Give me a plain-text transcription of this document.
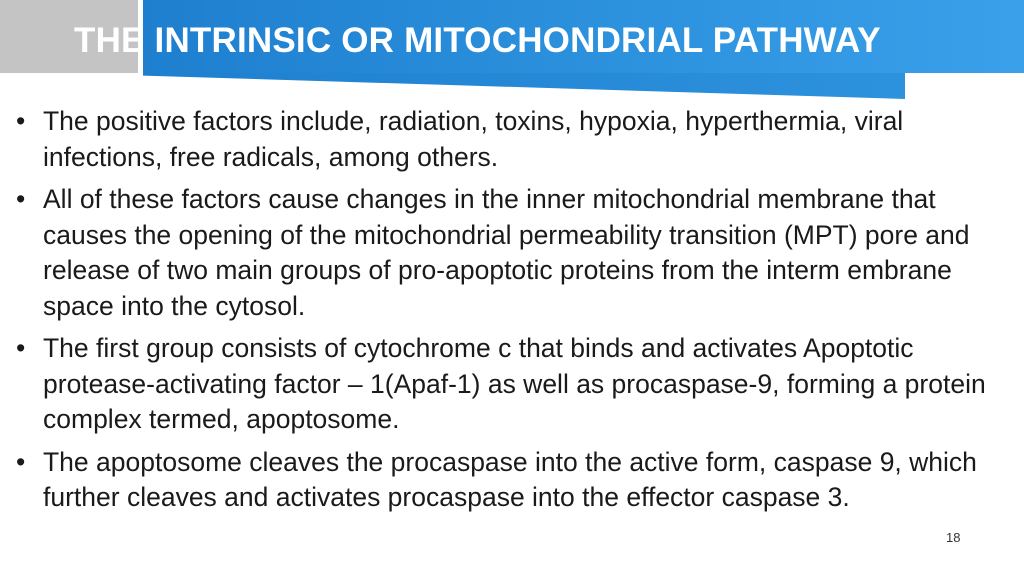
THE INTRINSIC OR MITOCHONDRIAL PATHWAY
• The positive factors include, radiation, toxins, hypoxia, hyperthermia, viral infections, free radicals, among others.
• All of these factors cause changes in the inner mitochondrial membrane that causes the opening of the mitochondrial permeability transition (MPT) pore and release of two main groups of pro-apoptotic proteins from the interm embrane space into the cytosol.
• The first group consists of cytochrome c that binds and activates Apoptotic protease-activating factor – 1(Apaf-1) as well as procaspase-9, forming a protein complex termed, apoptosome.
• The apoptosome cleaves the procaspase into the active form, caspase 9, which further cleaves and activates procaspase into the effector caspase 3.
18
